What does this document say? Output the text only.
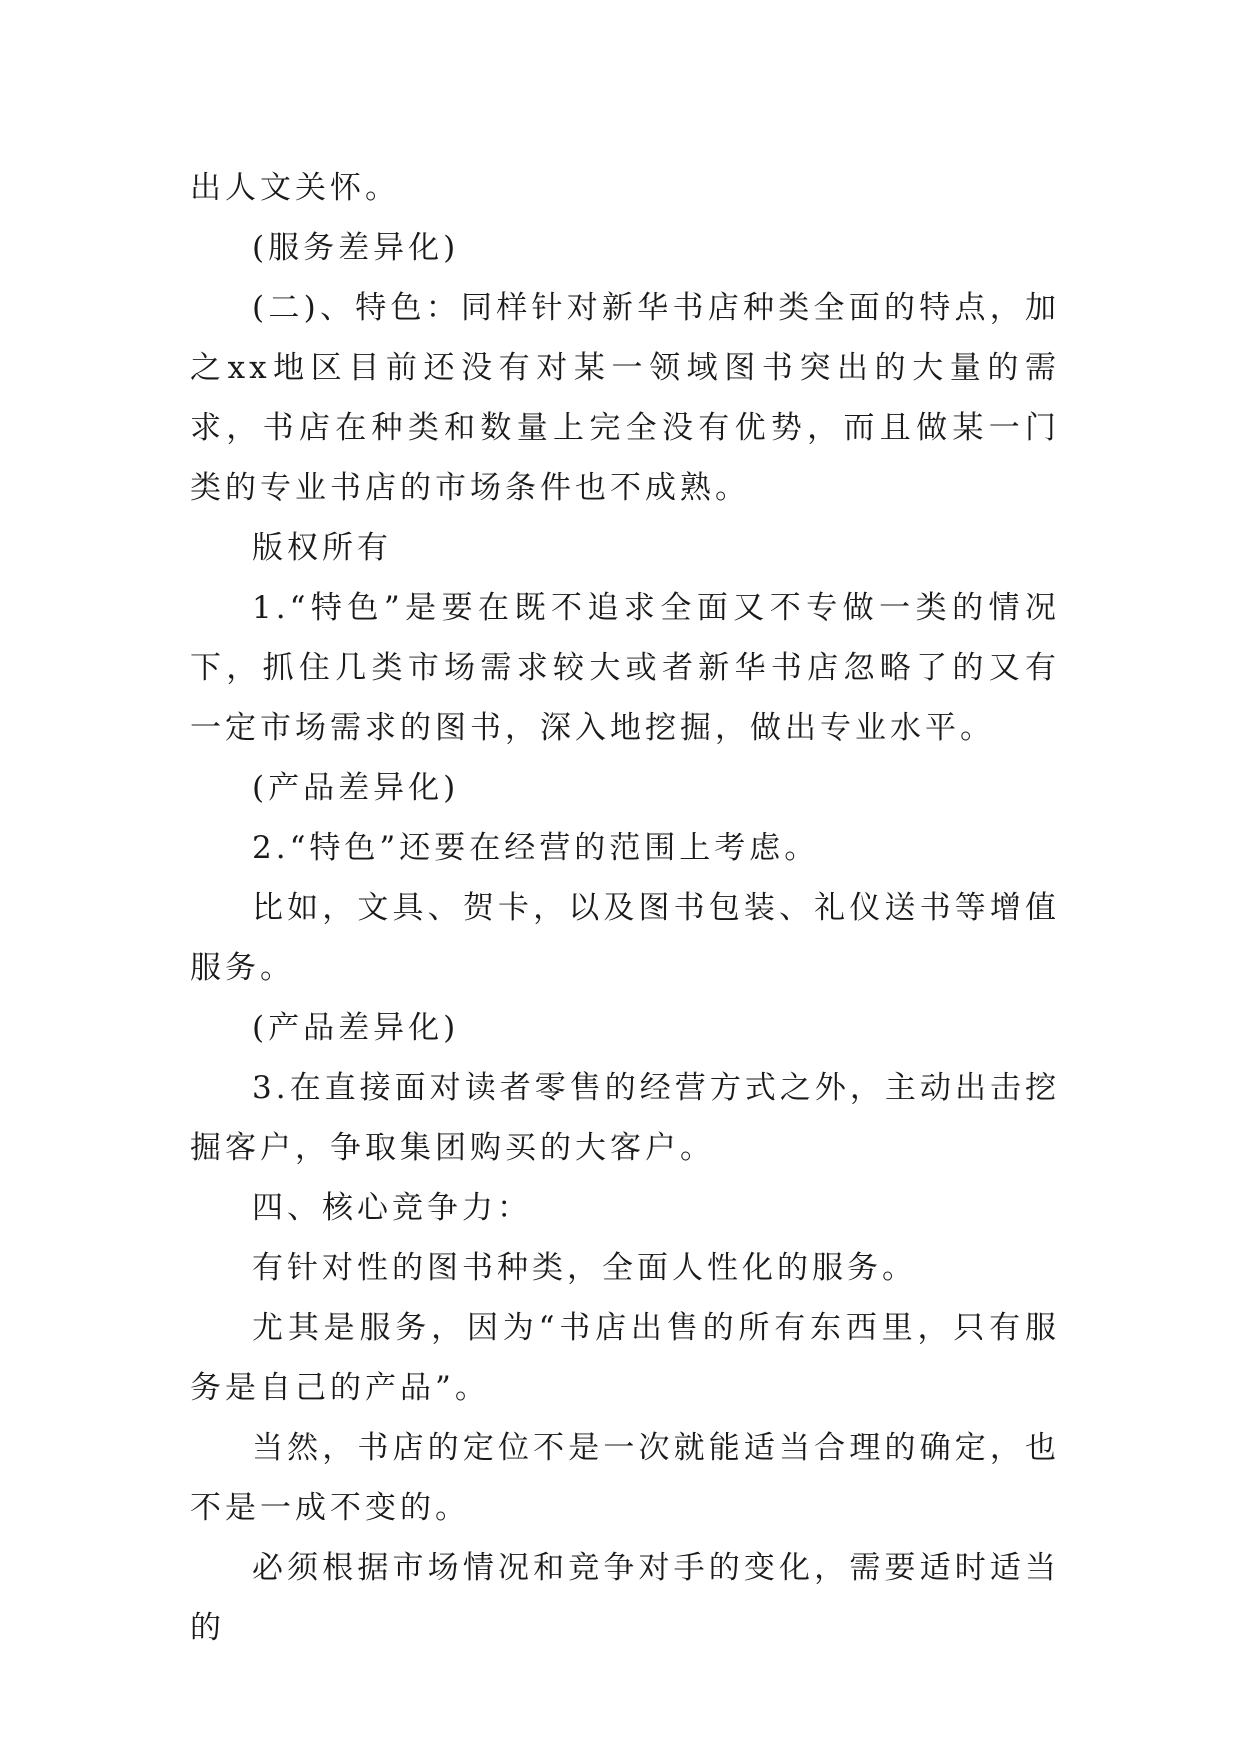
出人文关怀。

(服务差异化)

(二)、特色：同样针对新华书店种类全面的特点，加之xx地区目前还没有对某一领域图书突出的大量的需求，书店在种类和数量上完全没有优势，而且做某一门类的专业书店的市场条件也不成熟。

版权所有

1.“特色”是要在既不追求全面又不专做一类的情况下，抓住几类市场需求较大或者新华书店忽略了的又有一定市场需求的图书，深入地挖掘，做出专业水平。

(产品差异化)

2.“特色”还要在经营的范围上考虑。

比如，文具、贺卡，以及图书包装、礼仪送书等增值服务。

(产品差异化)

3.在直接面对读者零售的经营方式之外，主动出击挖掘客户，争取集团购买的大客户。

四、核心竞争力：

有针对性的图书种类，全面人性化的服务。

尤其是服务，因为“书店出售的所有东西里，只有服务是自己的产品”。

当然，书店的定位不是一次就能适当合理的确定，也不是一成不变的。

必须根据市场情况和竞争对手的变化，需要适时适当的
